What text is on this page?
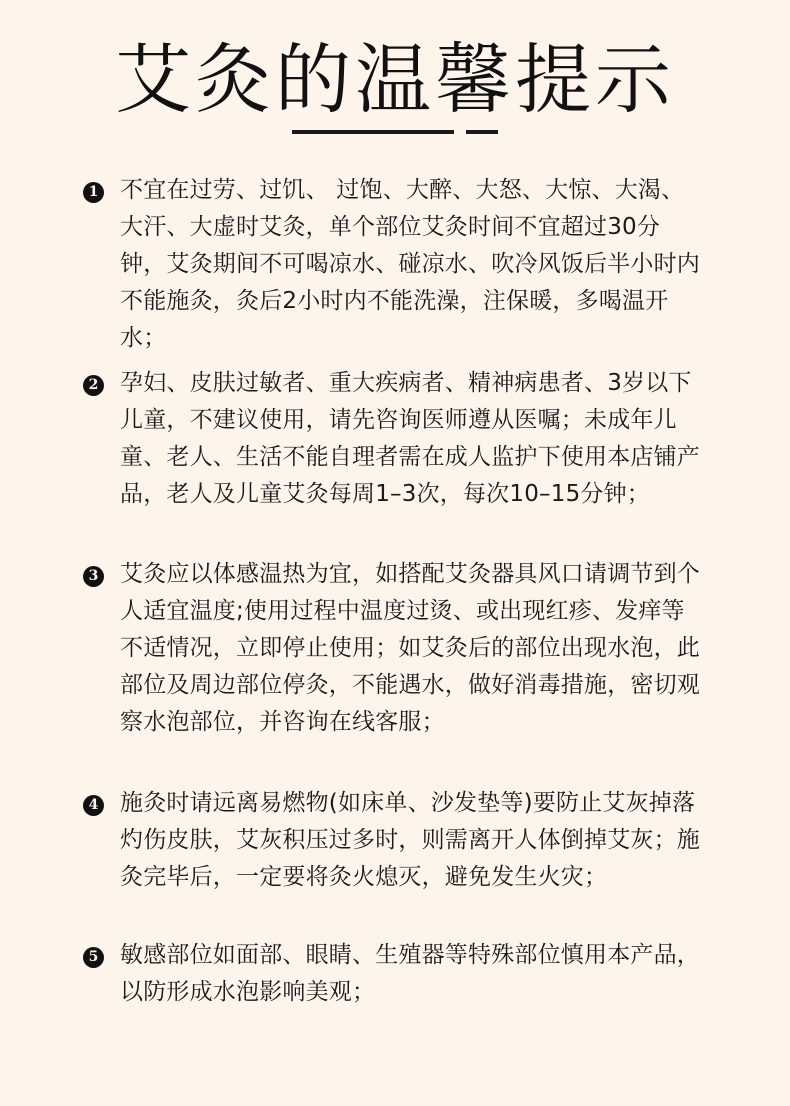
艾灸的温馨提示
1 不宜在过劳、过饥、 过饱、大醉、大怒、大惊、大渴、大汗、大虚时艾灸，单个部位艾灸时间不宜超过30分钟，艾灸期间不可喝凉水、碰凉水、吹冷风饭后半小时内不能施灸，灸后2小时内不能洗澡，注保暖，多喝温开水；
2 孕妇、皮肤过敏者、重大疾病者、精神病患者、3岁以下儿童，不建议使用，请先咨询医师遵从医嘱；未成年儿童、老人、生活不能自理者需在成人监护下使用本店铺产品，老人及儿童艾灸每周1–3次，每次10–15分钟；
3 艾灸应以体感温热为宜，如搭配艾灸器具风口请调节到个人适宜温度;使用过程中温度过烫、或出现红疹、发痒等不适情况，立即停止使用；如艾灸后的部位出现水泡，此部位及周边部位停灸，不能遇水，做好消毒措施，密切观察水泡部位，并咨询在线客服；
4 施灸时请远离易燃物(如床单、沙发垫等)要防止艾灰掉落灼伤皮肤，艾灰积压过多时，则需离开人体倒掉艾灰；施灸完毕后，一定要将灸火熄灭，避免发生火灾；
5 敏感部位如面部、眼睛、生殖器等特殊部位慎用本产品，以防形成水泡影响美观；
